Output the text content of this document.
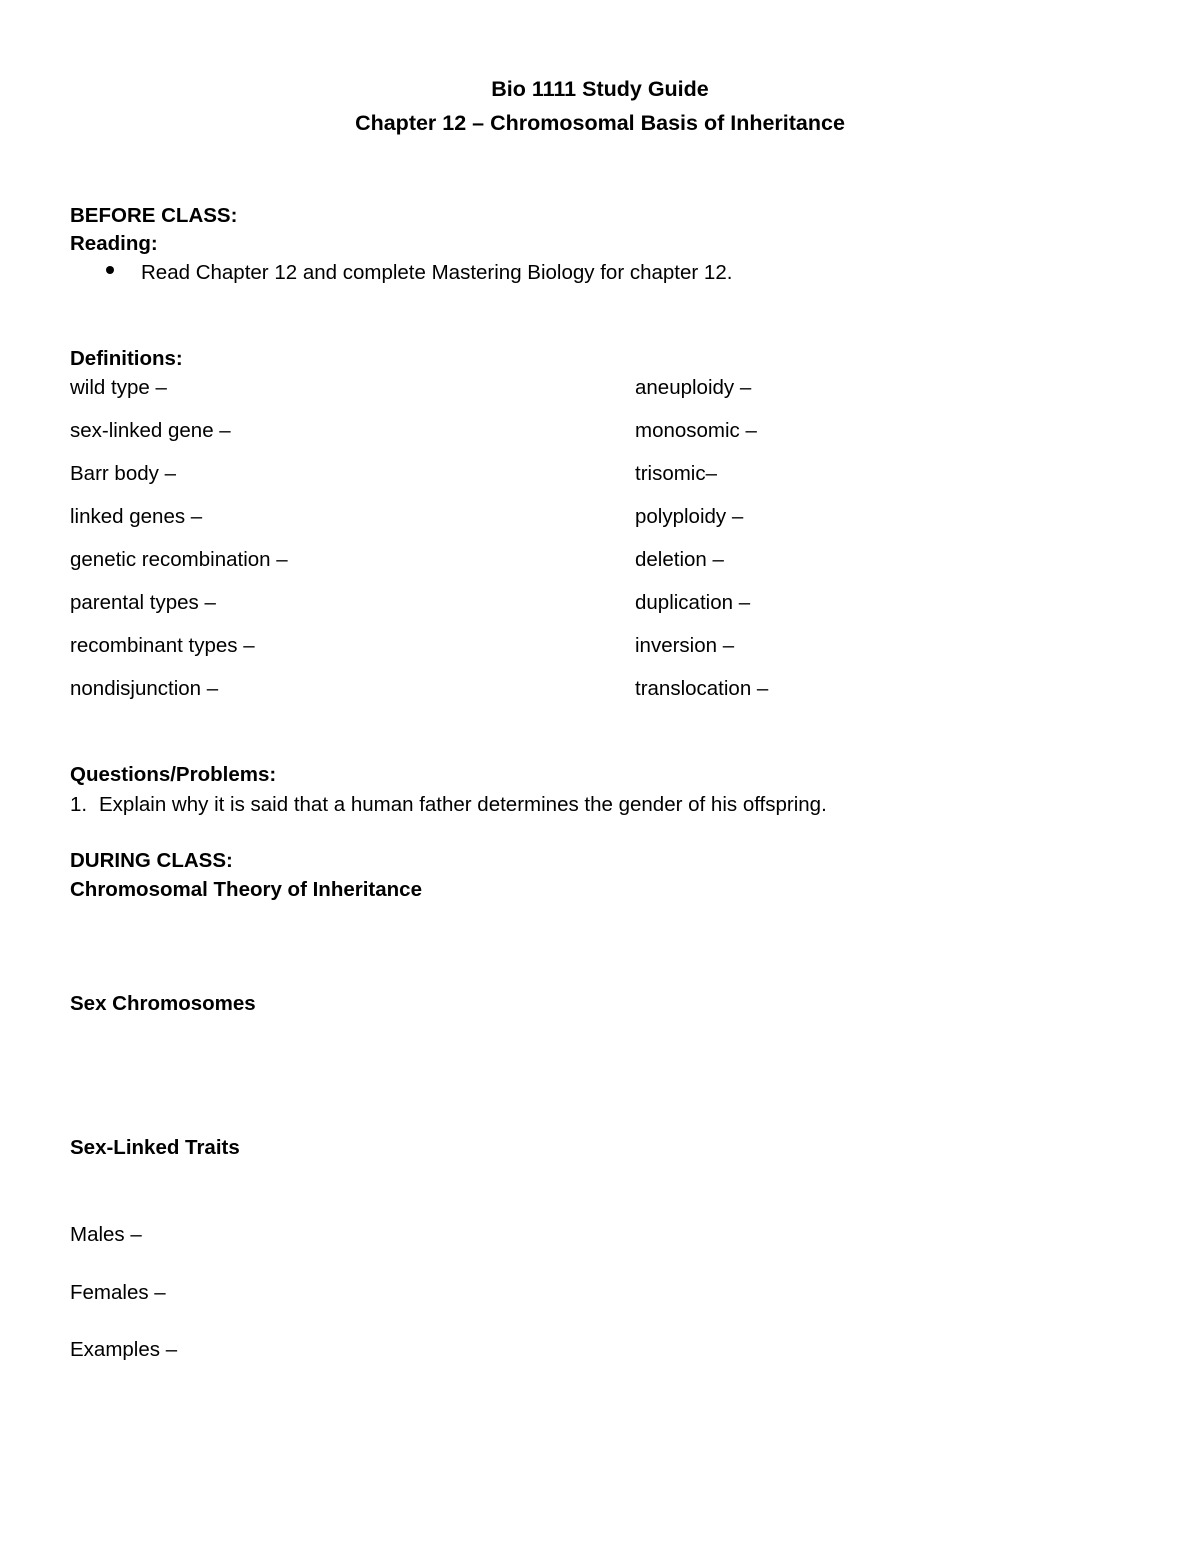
Bio 1111 Study Guide
Chapter 12 – Chromosomal Basis of Inheritance
BEFORE CLASS:
Reading:
Read Chapter 12 and complete Mastering Biology for chapter 12.
Definitions:
wild type –
sex-linked gene –
Barr body –
linked genes –
genetic recombination –
parental types –
recombinant types –
nondisjunction –
aneuploidy –
monosomic –
trisomic–
polyploidy –
deletion –
duplication –
inversion –
translocation –
Questions/Problems:
1. Explain why it is said that a human father determines the gender of his offspring.
DURING CLASS:
Chromosomal Theory of Inheritance
Sex Chromosomes
Sex-Linked Traits
Males –
Females –
Examples –
